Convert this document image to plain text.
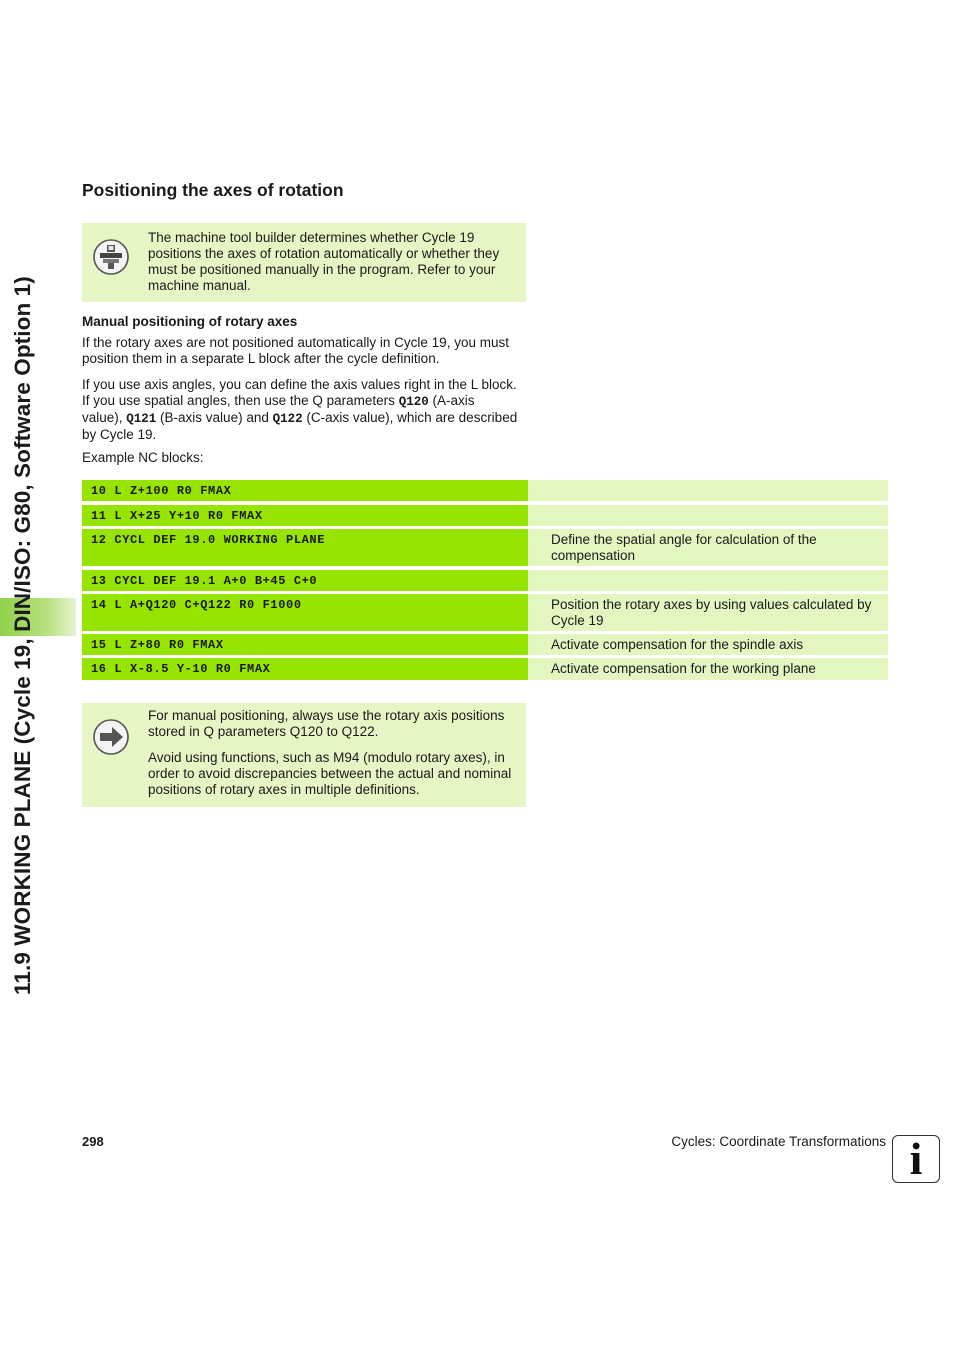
11.9 WORKING PLANE (Cycle 19, DIN/ISO: G80, Software Option 1)
Positioning the axes of rotation
The machine tool builder determines whether Cycle 19 positions the axes of rotation automatically or whether they must be positioned manually in the program. Refer to your machine manual.
Manual positioning of rotary axes

If the rotary axes are not positioned automatically in Cycle 19, you must position them in a separate L block after the cycle definition.

If you use axis angles, you can define the axis values right in the L block. If you use spatial angles, then use the Q parameters Q120 (A-axis value), Q121 (B-axis value) and Q122 (C-axis value), which are described by Cycle 19.

Example NC blocks:

10 L Z+100 R0 FMAX
11 L X+25 Y+10 R0 FMAX
12 CYCL DEF 19.0 WORKING PLANE	Define the spatial angle for calculation of the compensation
13 CYCL DEF 19.1 A+0 B+45 C+0
14 L A+Q120 C+Q122 R0 F1000	Position the rotary axes by using values calculated by Cycle 19
15 L Z+80 R0 FMAX	Activate compensation for the spindle axis
16 L X-8.5 Y-10 R0 FMAX	Activate compensation for the working plane

For manual positioning, always use the rotary axis positions stored in Q parameters Q120 to Q122.

Avoid using functions, such as M94 (modulo rotary axes), in order to avoid discrepancies between the actual and nominal positions of rotary axes in multiple definitions.

298	Cycles: Coordinate Transformations i
